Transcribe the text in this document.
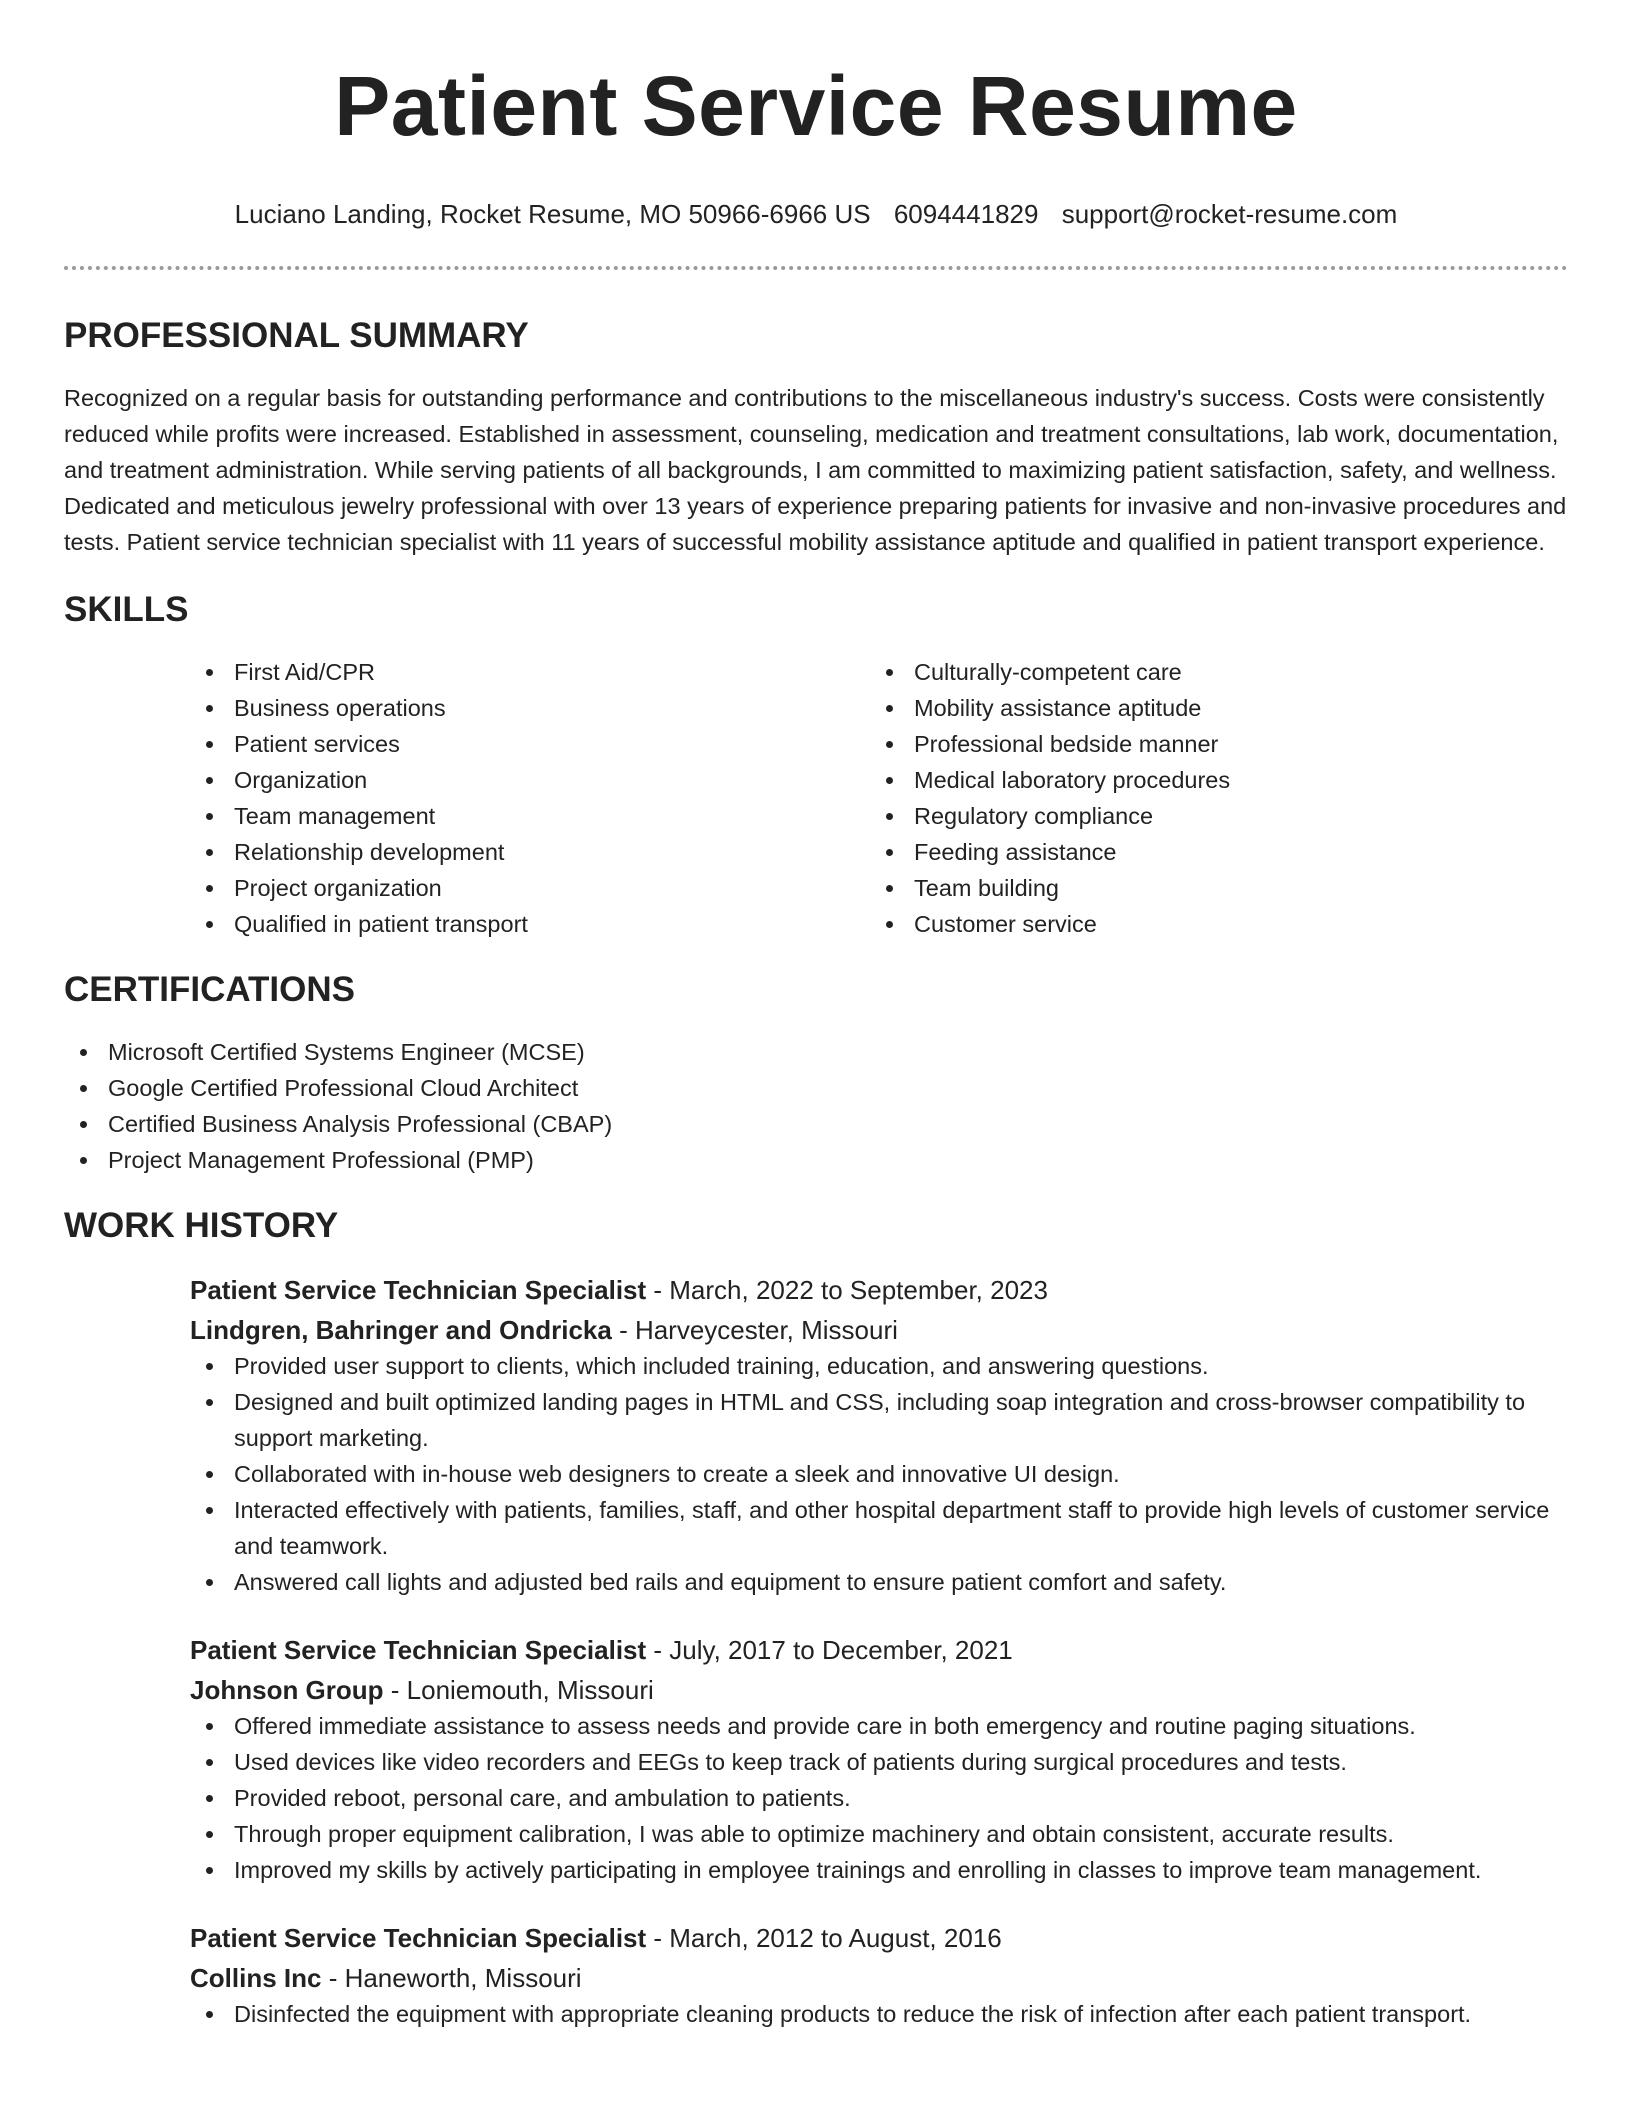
Patient Service Resume
Luciano Landing, Rocket Resume, MO 50966-6966 US 6094441829 support@rocket-resume.com
PROFESSIONAL SUMMARY

Recognized on a regular basis for outstanding performance and contributions to the miscellaneous industry's success. Costs were consistently reduced while profits were increased. Established in assessment, counseling, medication and treatment consultations, lab work, documentation, and treatment administration. While serving patients of all backgrounds, I am committed to maximizing patient satisfaction, safety, and wellness. Dedicated and meticulous jewelry professional with over 13 years of experience preparing patients for invasive and non-invasive procedures and tests. Patient service technician specialist with 11 years of successful mobility assistance aptitude and qualified in patient transport experience.

SKILLS
First Aid/CPR
Business operations
Patient services
Organization
Team management
Relationship development
Project organization
Qualified in patient transport
Culturally-competent care
Mobility assistance aptitude
Professional bedside manner
Medical laboratory procedures
Regulatory compliance
Feeding assistance
Team building
Customer service
CERTIFICATIONS
Microsoft Certified Systems Engineer (MCSE)
Google Certified Professional Cloud Architect
Certified Business Analysis Professional (CBAP)
Project Management Professional (PMP)
WORK HISTORY
Patient Service Technician Specialist - March, 2022 to September, 2023
Lindgren, Bahringer and Ondricka - Harveycester, Missouri
Provided user support to clients, which included training, education, and answering questions.
Designed and built optimized landing pages in HTML and CSS, including soap integration and cross-browser compatibility to support marketing.
Collaborated with in-house web designers to create a sleek and innovative UI design.
Interacted effectively with patients, families, staff, and other hospital department staff to provide high levels of customer service and teamwork.
Answered call lights and adjusted bed rails and equipment to ensure patient comfort and safety.
Patient Service Technician Specialist - July, 2017 to December, 2021
Johnson Group - Loniemouth, Missouri
Offered immediate assistance to assess needs and provide care in both emergency and routine paging situations.
Used devices like video recorders and EEGs to keep track of patients during surgical procedures and tests.
Provided reboot, personal care, and ambulation to patients.
Through proper equipment calibration, I was able to optimize machinery and obtain consistent, accurate results.
Improved my skills by actively participating in employee trainings and enrolling in classes to improve team management.
Patient Service Technician Specialist - March, 2012 to August, 2016
Collins Inc - Haneworth, Missouri
Disinfected the equipment with appropriate cleaning products to reduce the risk of infection after each patient transport.
